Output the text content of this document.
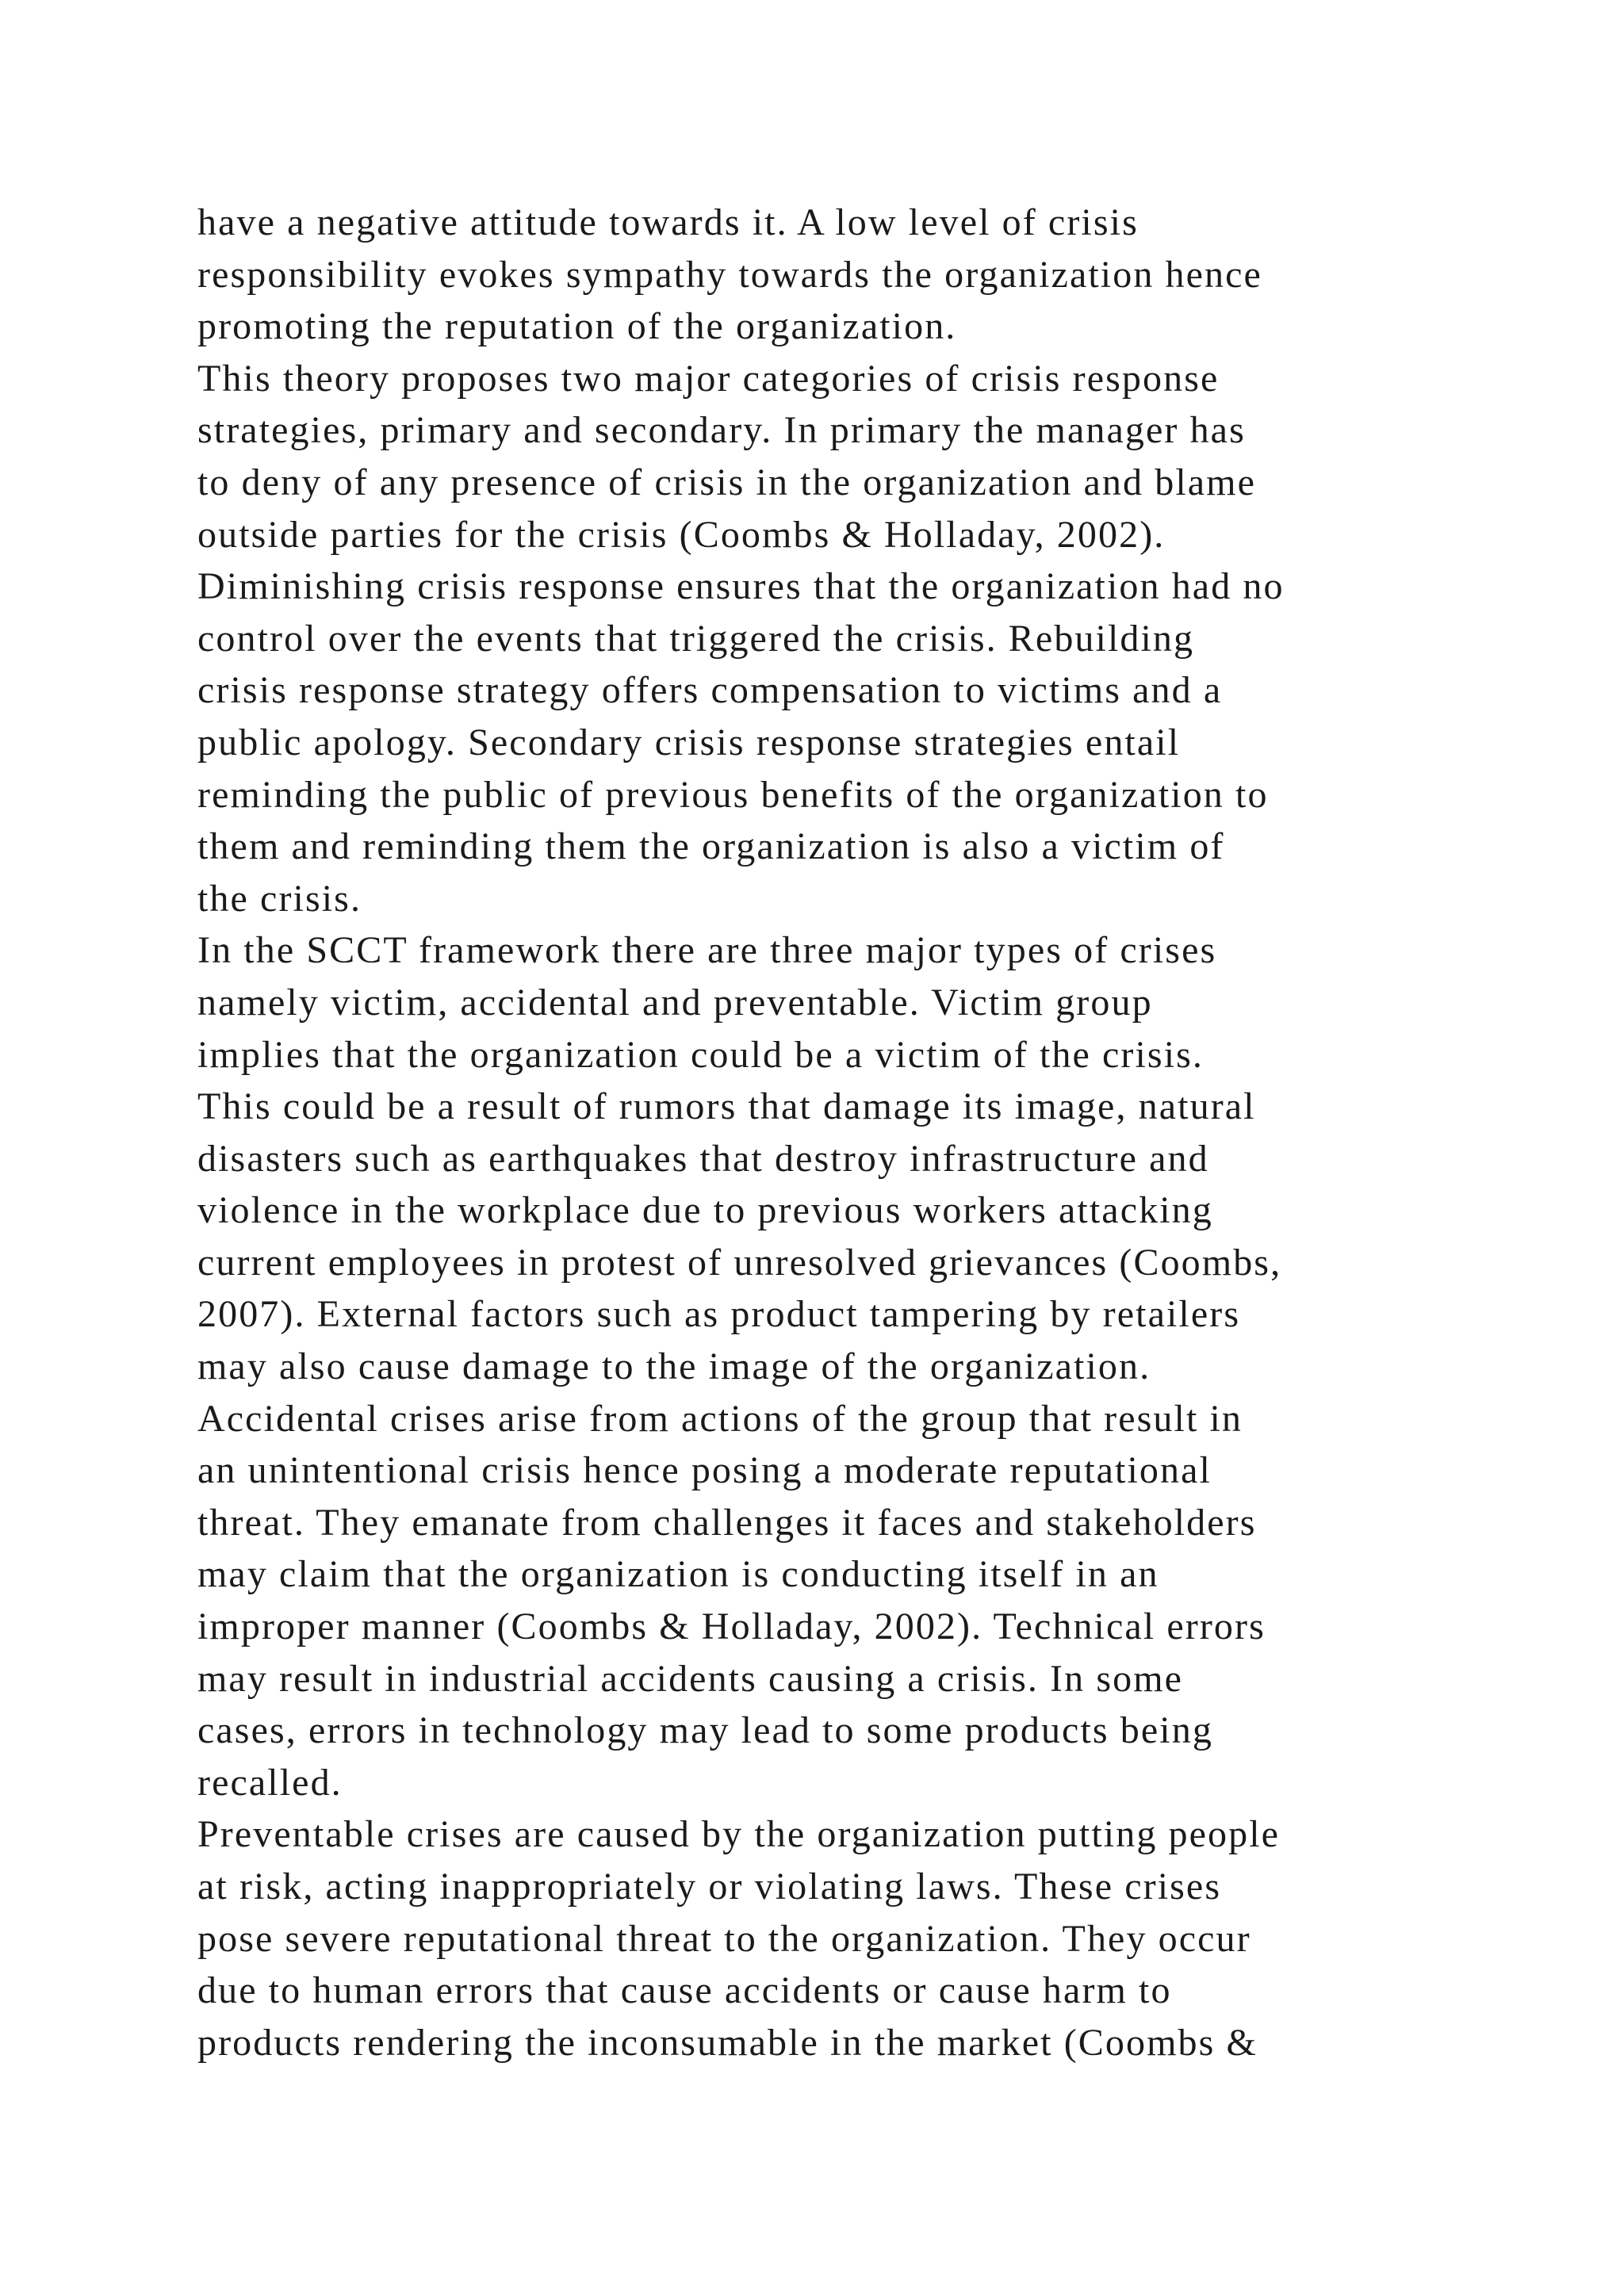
have a negative attitude towards it. A low level of crisis
responsibility evokes sympathy towards the organization hence
promoting the reputation of the organization.
This theory proposes two major categories of crisis response
strategies, primary and secondary. In primary the manager has
to deny of any presence of crisis in the organization and blame
outside parties for the crisis (Coombs & Holladay, 2002).
Diminishing crisis response ensures that the organization had no
control over the events that triggered the crisis. Rebuilding
crisis response strategy offers compensation to victims and a
public apology. Secondary crisis response strategies entail
reminding the public of previous benefits of the organization to
them and reminding them the organization is also a victim of
the crisis.
In the SCCT framework there are three major types of crises
namely victim, accidental and preventable. Victim group
implies that the organization could be a victim of the crisis.
This could be a result of rumors that damage its image, natural
disasters such as earthquakes that destroy infrastructure and
violence in the workplace due to previous workers attacking
current employees in protest of unresolved grievances (Coombs,
2007). External factors such as product tampering by retailers
may also cause damage to the image of the organization.
Accidental crises arise from actions of the group that result in
an unintentional crisis hence posing a moderate reputational
threat. They emanate from challenges it faces and stakeholders
may claim that the organization is conducting itself in an
improper manner (Coombs & Holladay, 2002). Technical errors
may result in industrial accidents causing a crisis. In some
cases, errors in technology may lead to some products being
recalled.
Preventable crises are caused by the organization putting people
at risk, acting inappropriately or violating laws. These crises
pose severe reputational threat to the organization. They occur
due to human errors that cause accidents or cause harm to
products rendering the inconsumable in the market (Coombs &
